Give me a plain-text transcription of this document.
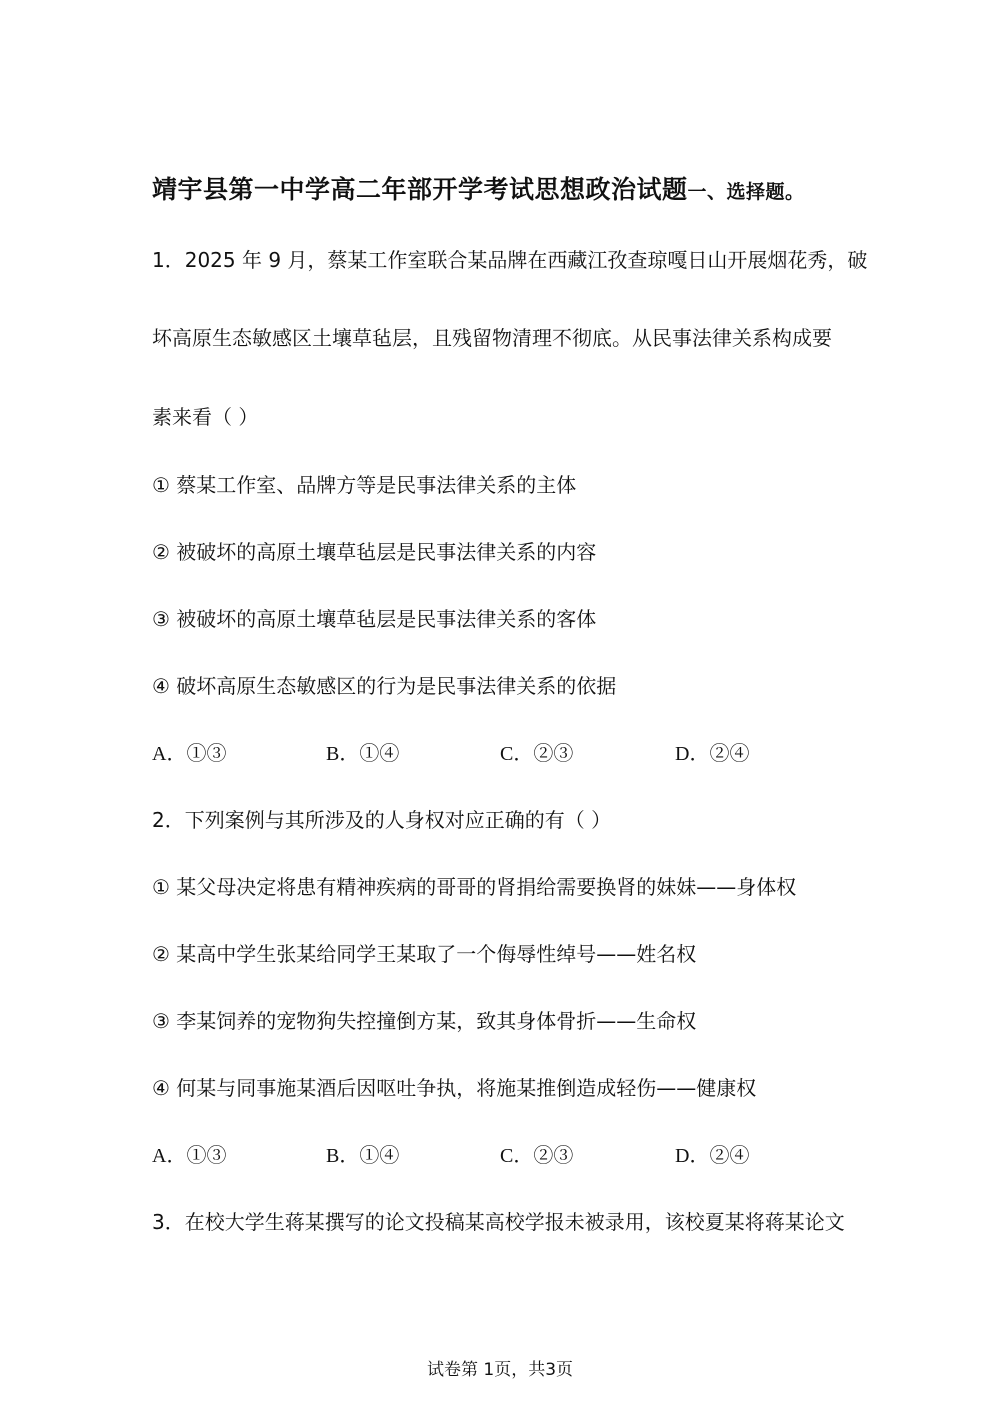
靖宇县第一中学高二年部开学考试思想政治试题一、选择题。
1．2025 年 9 月，蔡某工作室联合某品牌在西藏江孜查琼嘎日山开展烟花秀，破
坏高原生态敏感区土壤草毡层，且残留物清理不彻底。从民事法律关系构成要
素来看（ ）
① 蔡某工作室、品牌方等是民事法律关系的主体
② 被破坏的高原土壤草毡层是民事法律关系的内容
③ 被破坏的高原土壤草毡层是民事法律关系的客体
④ 破坏高原生态敏感区的行为是民事法律关系的依据
A．①③	B．①④	C．②③	D．②④
2．下列案例与其所涉及的人身权对应正确的有（ ）
① 某父母决定将患有精神疾病的哥哥的肾捐给需要换肾的妹妹——身体权
② 某高中学生张某给同学王某取了一个侮辱性绰号——姓名权
③ 李某饲养的宠物狗失控撞倒方某，致其身体骨折——生命权
④ 何某与同事施某酒后因呕吐争执，将施某推倒造成轻伤——健康权
A．①③	B．①④	C．②③	D．②④
3．在校大学生蒋某撰写的论文投稿某高校学报未被录用，该校夏某将蒋某论文
试卷第 1页，共3页
